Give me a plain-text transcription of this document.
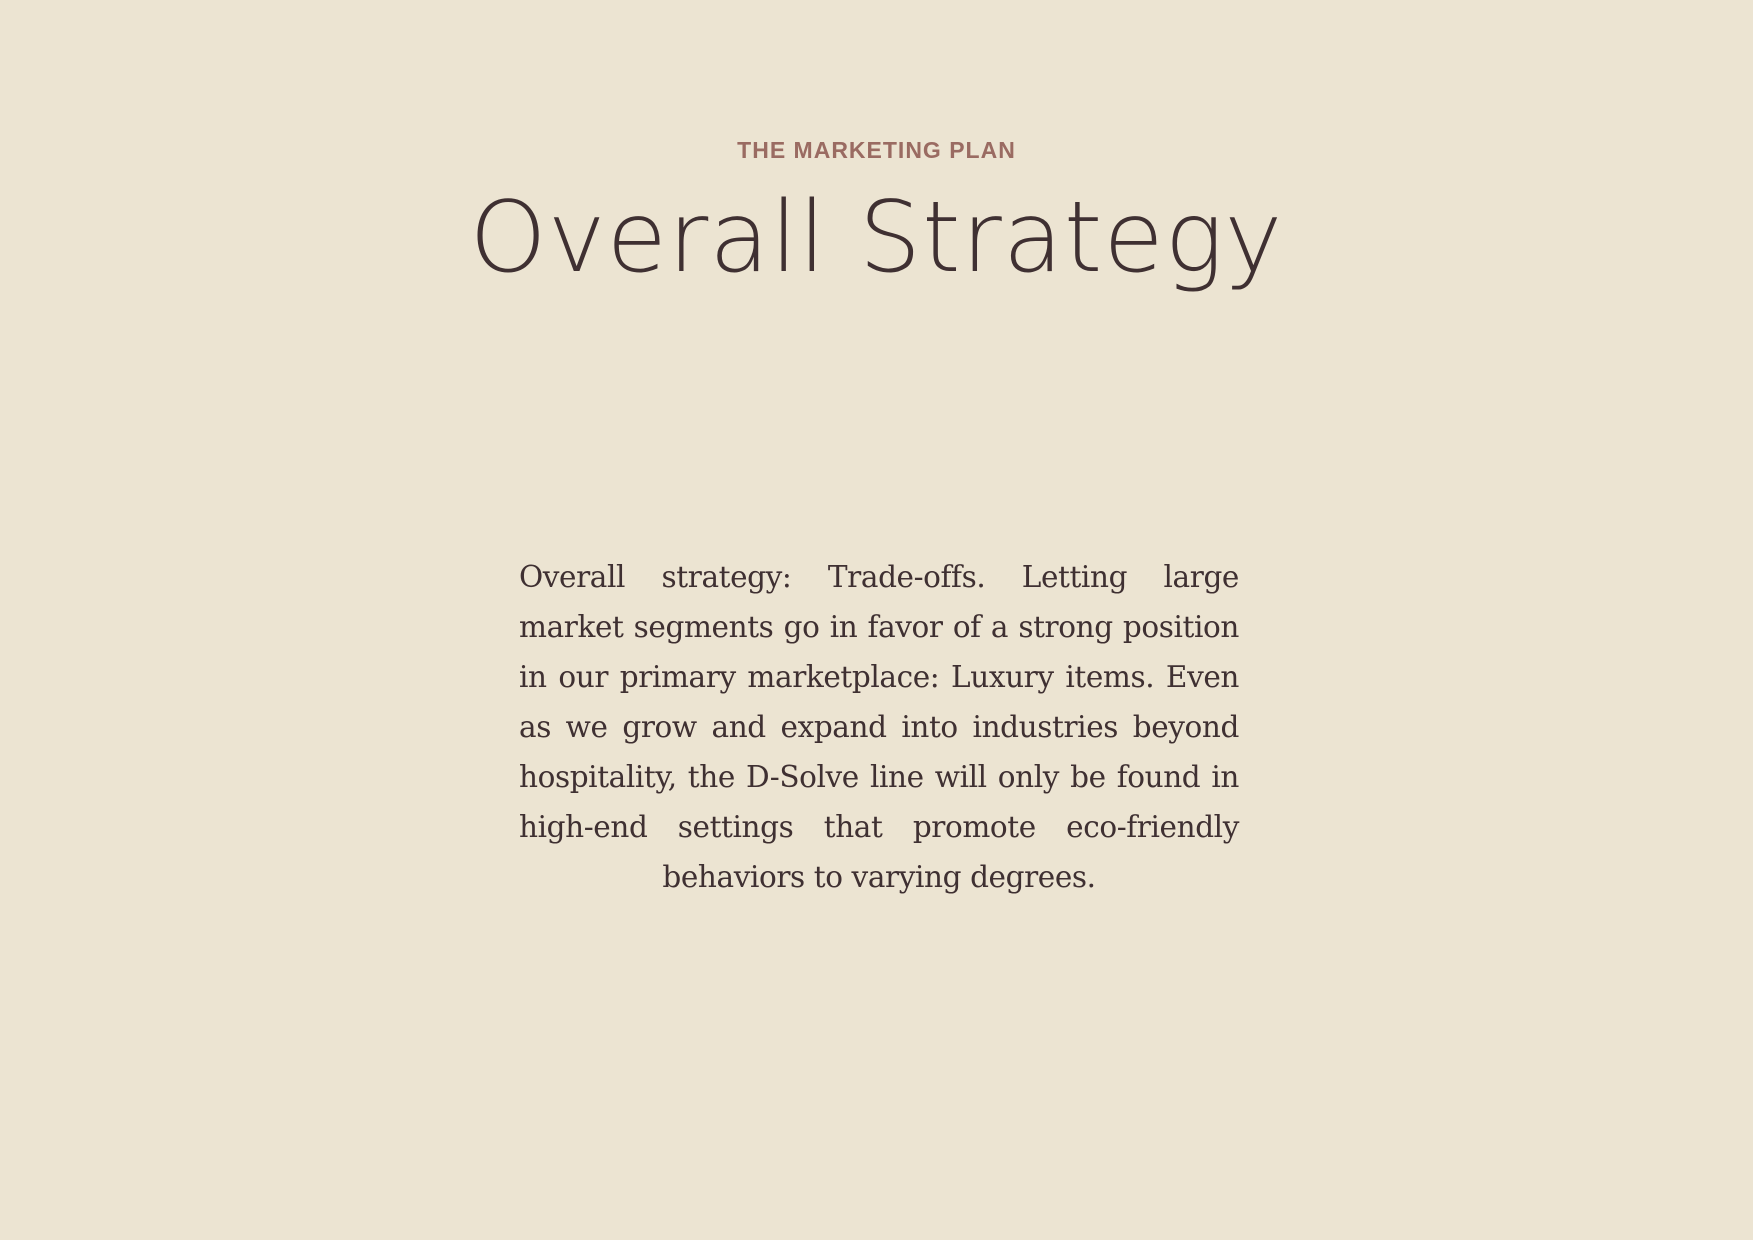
THE MARKETING PLAN
Overall Strategy

Overall strategy: Trade-offs. Letting large market segments go in favor of a strong position in our primary marketplace: Luxury items. Even as we grow and expand into industries beyond hospitality, the D-Solve line will only be found in high-end settings that promote eco-friendly behaviors to varying degrees.
